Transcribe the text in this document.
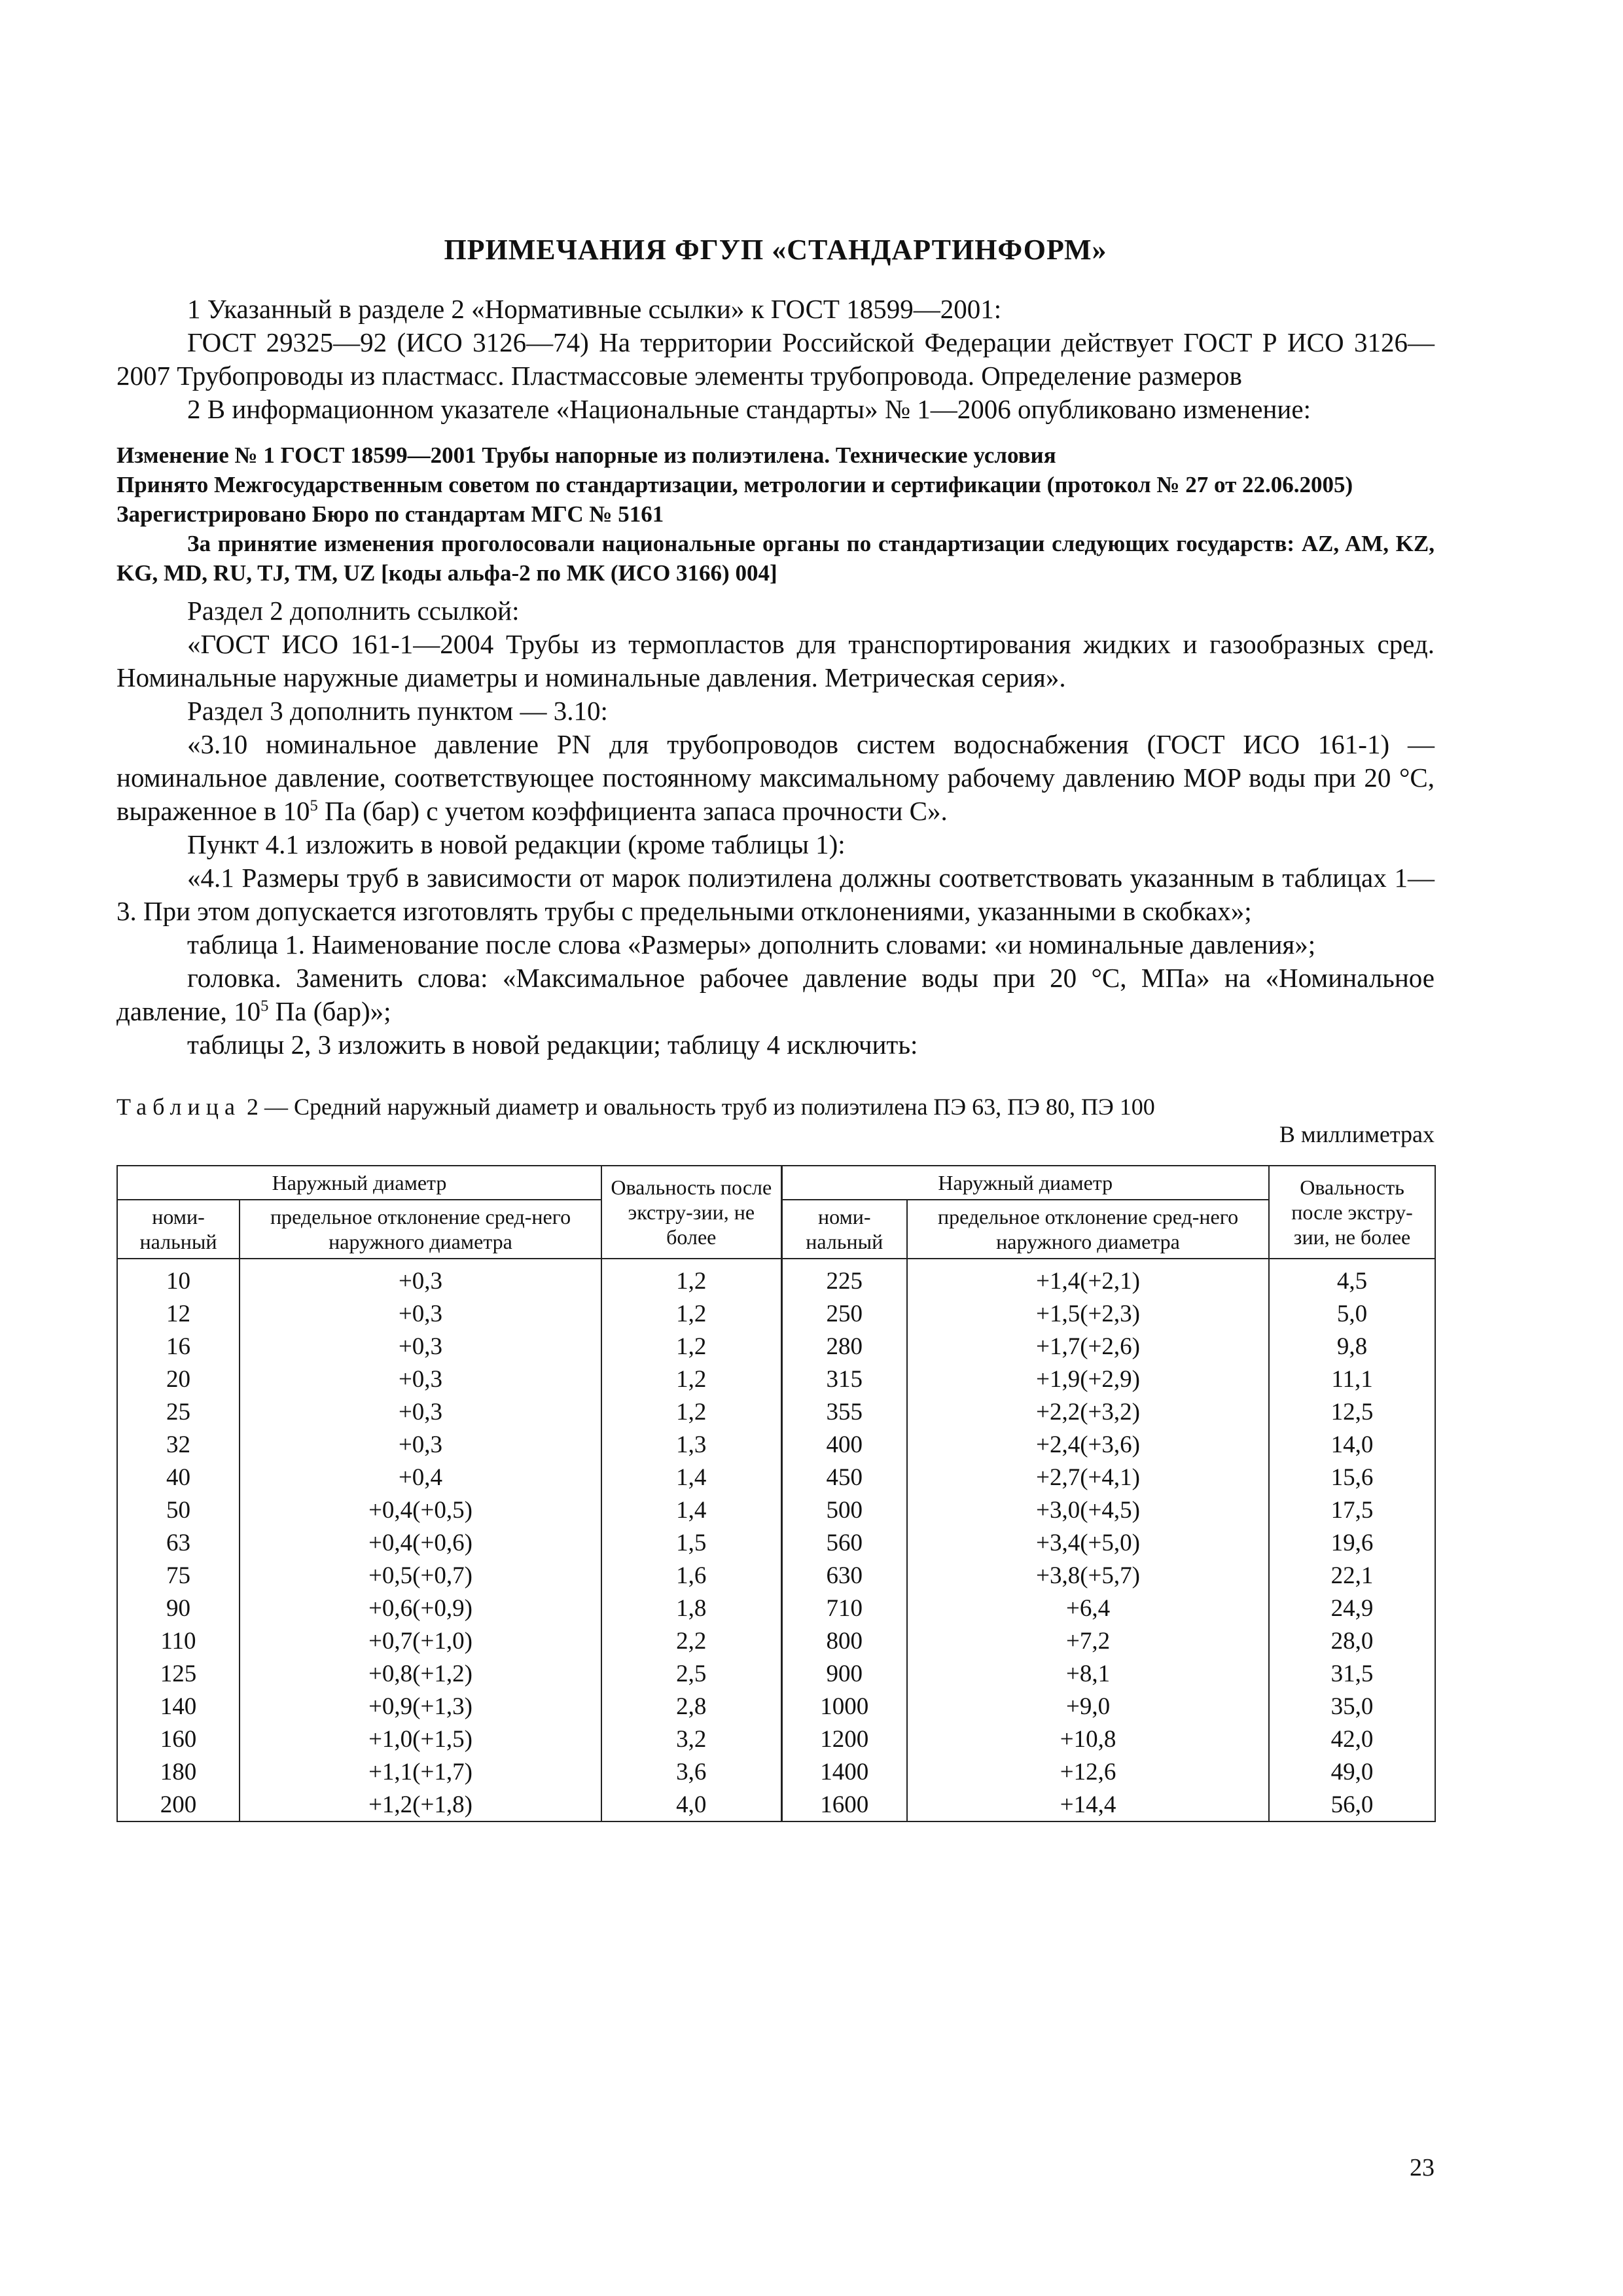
ПРИМЕЧАНИЯ ФГУП «СТАНДАРТИНФОРМ»

1 Указанный в разделе 2 «Нормативные ссылки» к ГОСТ 18599—2001:

ГОСТ 29325—92 (ИСО 3126—74) На территории Российской Федерации действует ГОСТ Р ИСО 3126—2007 Трубопроводы из пластмасс. Пластмассовые элементы трубопровода. Определение размеров

2 В информационном указателе «Национальные стандарты» № 1—2006 опубликовано изменение:

Изменение № 1 ГОСТ 18599—2001 Трубы напорные из полиэтилена. Технические условия

Принято Межгосударственным советом по стандартизации, метрологии и сертификации (протокол № 27 от 22.06.2005)

Зарегистрировано Бюро по стандартам МГС № 5161

За принятие изменения проголосовали национальные органы по стандартизации следующих государств: AZ, AM, KZ, KG, MD, RU, TJ, TM, UZ [коды альфа-2 по МК (ИСО 3166) 004]

Раздел 2 дополнить ссылкой:

«ГОСТ ИСО 161-1—2004 Трубы из термопластов для транспортирования жидких и газообразных сред. Номинальные наружные диаметры и номинальные давления. Метрическая серия».

Раздел 3 дополнить пунктом — 3.10:

«3.10 номинальное давление PN для трубопроводов систем водоснабжения (ГОСТ ИСО 161-1) — номинальное давление, соответствующее постоянному максимальному рабочему давлению MOP воды при 20 °С, выраженное в $10^5$ Па (бар) с учетом коэффициента запаса прочности С».

Пункт 4.1 изложить в новой редакции (кроме таблицы 1):

«4.1 Размеры труб в зависимости от марок полиэтилена должны соответствовать указанным в таблицах 1—3. При этом допускается изготовлять трубы с предельными отклонениями, указанными в скобках»;

таблица 1. Наименование после слова «Размеры» дополнить словами: «и номинальные давления»;

головка. Заменить слова: «Максимальное рабочее давление воды при 20 °С, МПа» на «Номинальное давление, $10^5$ Па (бар)»;

таблицы 2, 3 изложить в новой редакции; таблицу 4 исключить:

Таблица 2 — Средний наружный диаметр и овальность труб из полиэтилена ПЭ 63, ПЭ 80, ПЭ 100
В миллиметрах
Наружный диаметр		Овальность после экстру-зии, не более	Наружный диаметр		Овальность после экстру-зии, не более
номи-нальный	предельное отклонение сред-него наружного диаметра		номи-нальный	предельное отклонение сред-него наружного диаметра	
10	+0,3	1,2	225	+1,4(+2,1)	4,5
12	+0,3	1,2	250	+1,5(+2,3)	5,0
16	+0,3	1,2	280	+1,7(+2,6)	9,8
20	+0,3	1,2	315	+1,9(+2,9)	11,1
25	+0,3	1,2	355	+2,2(+3,2)	12,5
32	+0,3	1,3	400	+2,4(+3,6)	14,0
40	+0,4	1,4	450	+2,7(+4,1)	15,6
50	+0,4(+0,5)	1,4	500	+3,0(+4,5)	17,5
63	+0,4(+0,6)	1,5	560	+3,4(+5,0)	19,6
75	+0,5(+0,7)	1,6	630	+3,8(+5,7)	22,1
90	+0,6(+0,9)	1,8	710	+6,4	24,9
110	+0,7(+1,0)	2,2	800	+7,2	28,0
125	+0,8(+1,2)	2,5	900	+8,1	31,5
140	+0,9(+1,3)	2,8	1000	+9,0	35,0
160	+1,0(+1,5)	3,2	1200	+10,8	42,0
180	+1,1(+1,7)	3,6	1400	+12,6	49,0
200	+1,2(+1,8)	4,0	1600	+14,4	56,0
23
